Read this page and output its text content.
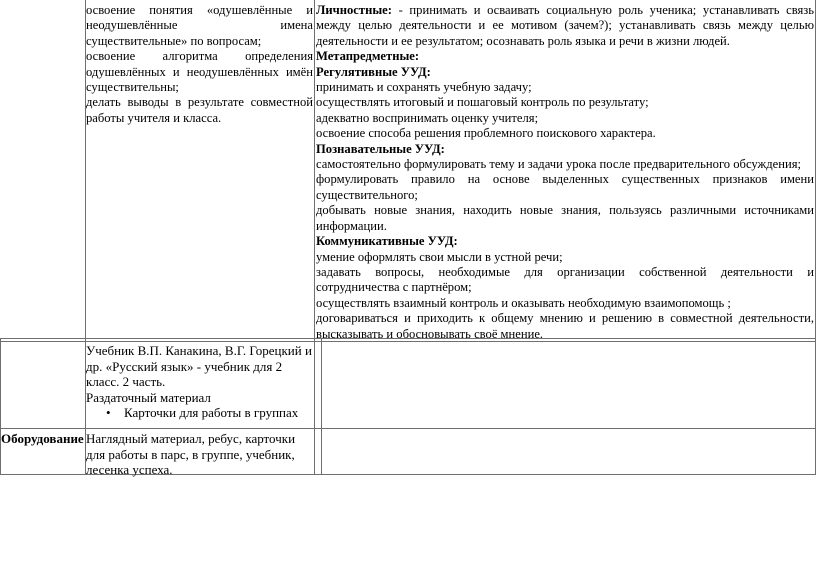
освоение понятия «одушевлённые и

неодушевлённые имена

существительные» по вопросам;

освоение алгоритма определения

одушевлённых и неодушевлённых имён

существительны;

делать выводы в результате совместной

работы учителя и класса.

Личностные: - принимать и осваивать социальную роль ученика; устанавливать связь

между целью деятельности и ее мотивом (зачем?); устанавливать связь между целью

деятельности и ее результатом; осознавать роль языка и речи в жизни людей.

Метапредметные:

Регулятивные УУД:

принимать и сохранять учебную задачу;

осуществлять итоговый и пошаговый контроль по результату;

адекватно воспринимать оценку учителя;

освоение способа решения проблемного поискового характера.

Познавательные УУД:

самостоятельно формулировать тему и задачи урока после предварительного обсуждения;

формулировать правило на основе выделенных существенных признаков имени

существительного;

добывать новые знания, находить новые знания, пользуясь различными источниками

информации.

Коммуникативные УУД:

умение оформлять свои мысли в устной речи;

задавать вопросы, необходимые для организации собственной деятельности и

сотрудничества с партнёром;

осуществлять взаимный контроль и оказывать необходимую взаимопомощь ;

договариваться и приходить к общему мнению и решению в совместной деятельности,

высказывать и обосновывать своё мнение.

Учебник В.П. Канакина, В.Г. Горецкий и

др. «Русский язык» - учебник для 2

класс. 2 часть.

Раздаточный материал

• Карточки для работы в группах
Оборудование Наглядный материал, ребус, карточки

для работы в парс, в группе, учебник,

лесенка успеха.
